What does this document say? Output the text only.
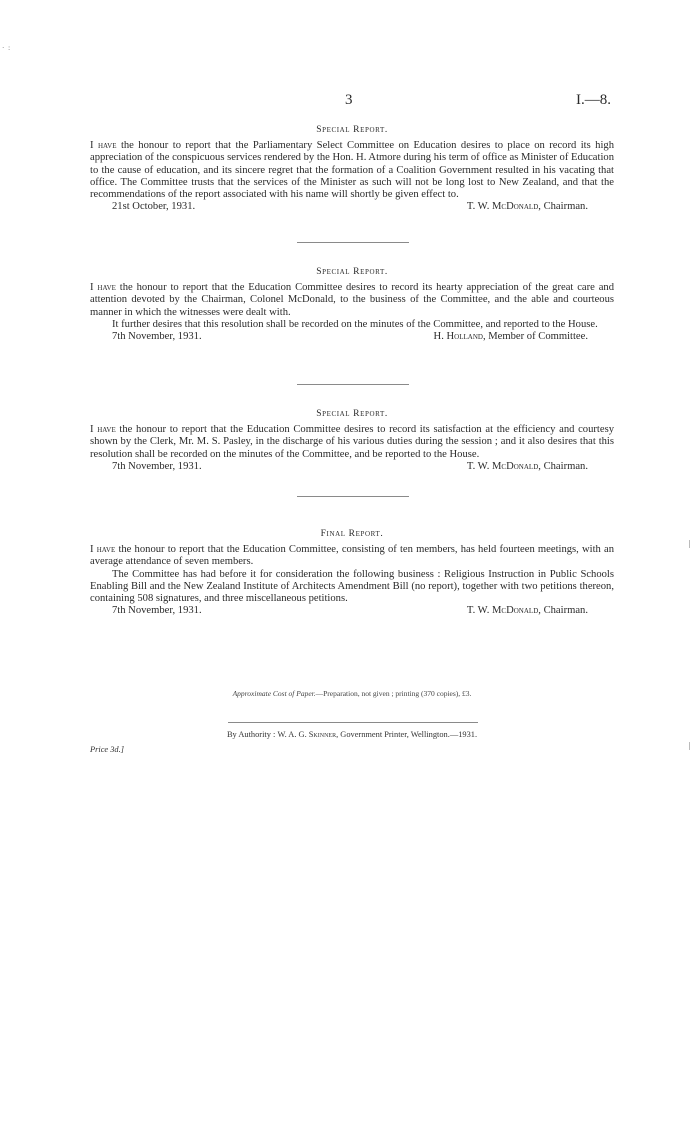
· :
3	I.—8.
Special Report.

I have the honour to report that the Parliamentary Select Committee on Education desires to place on record its high appreciation of the conspicuous services rendered by the Hon. H. Atmore during his term of office as Minister of Education to the cause of education, and its sincere regret that the formation of a Coalition Government resulted in his vacating that office. The Committee trusts that the services of the Minister as such will not be long lost to New Zealand, and that the recommendations of the report associated with his name will shortly be given effect to.

21st October, 1931.	T. W. McDonald, Chairman.
Special Report.

I have the honour to report that the Education Committee desires to record its hearty appreciation of the great care and attention devoted by the Chairman, Colonel McDonald, to the business of the Committee, and the able and courteous manner in which the witnesses were dealt with.

It further desires that this resolution shall be recorded on the minutes of the Committee, and reported to the House.

7th November, 1931.	H. Holland, Member of Committee.
Special Report.

I have the honour to report that the Education Committee desires to record its satisfaction at the efficiency and courtesy shown by the Clerk, Mr. M. S. Pasley, in the discharge of his various duties during the session ; and it also desires that this resolution shall be recorded on the minutes of the Committee, and be reported to the House.

7th November, 1931.	T. W. McDonald, Chairman.
Final Report.

I have the honour to report that the Education Committee, consisting of ten members, has held fourteen meetings, with an average attendance of seven members.

The Committee has had before it for consideration the following business : Religious Instruction in Public Schools Enabling Bill and the New Zealand Institute of Architects Amendment Bill (no report), together with two petitions thereon, containing 508 signatures, and three miscellaneous petitions.

7th November, 1931.	T. W. McDonald, Chairman.
Approximate Cost of Paper.—Preparation, not given ; printing (370 copies), £3.
By Authority : W. A. G. Skinner, Government Printer, Wellington.—1931.
Price 3d.]
